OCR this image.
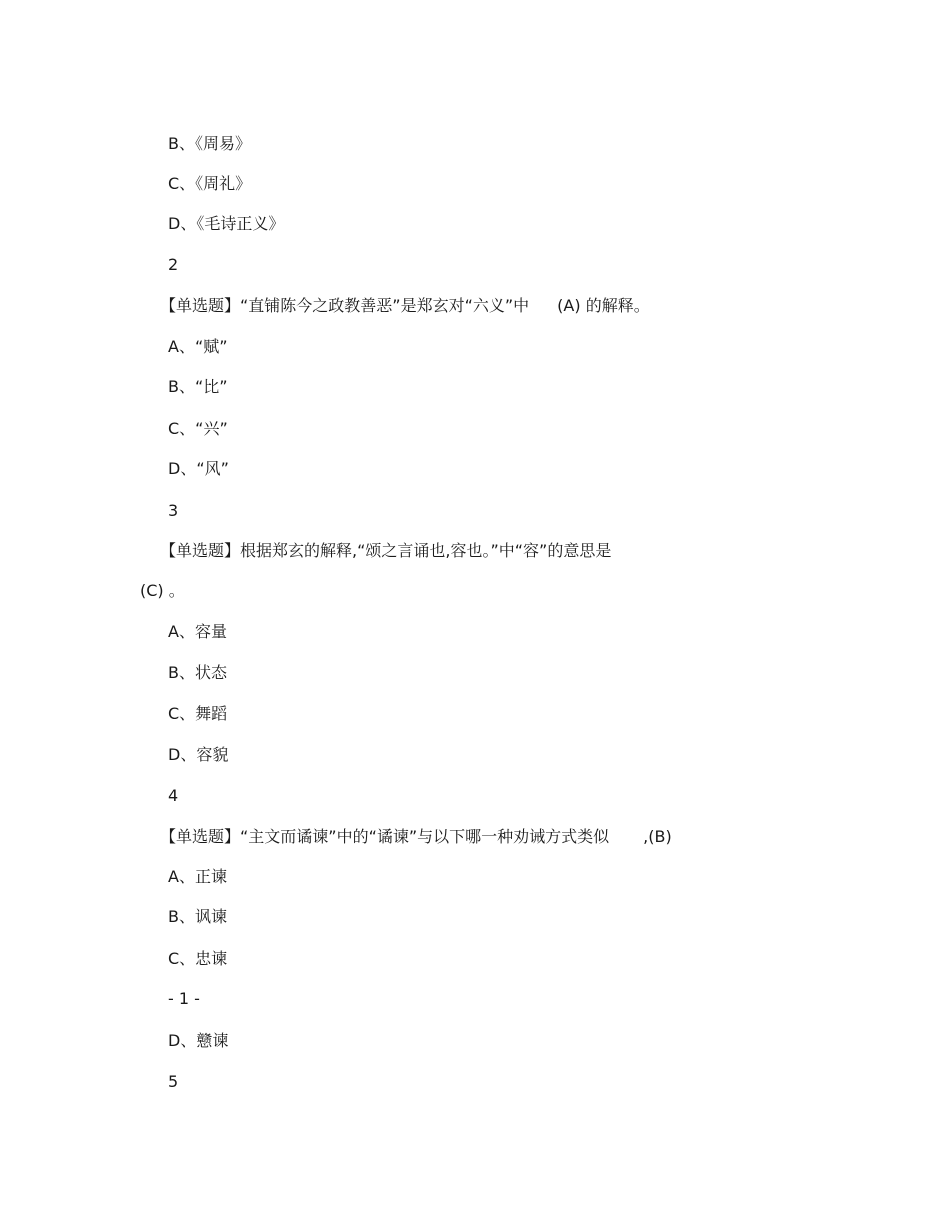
B、《周易》
C、《周礼》
D、《毛诗正义》
2
【单选题】“直铺陈今之政教善恶”是郑玄对“六义”中 (A) 的解释。
A、“赋”
B、“比”
C、“兴”
D、“风”
3
【单选题】根据郑玄的解释,“颂之言诵也,容也。”中“容”的意思是
(C) 。
A、容量
B、状态
C、舞蹈
D、容貌
4
【单选题】“主文而谲谏”中的“谲谏”与以下哪一种劝诫方式类似 ,(B)
A、正谏
B、讽谏
C、忠谏
- 1 -
D、戆谏
5
